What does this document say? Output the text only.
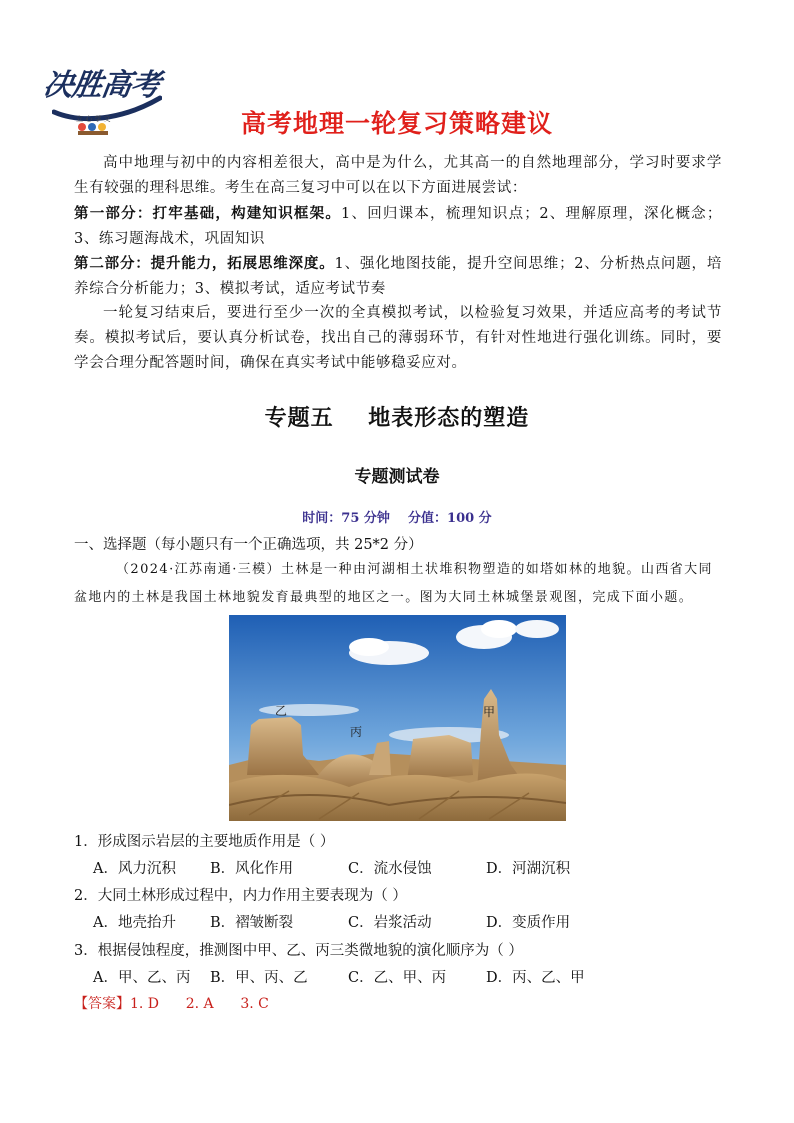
决胜高考
立 心 学 文	高考地理一轮复习策略建议
高中地理与初中的内容相差很大，高中是为什么，尤其高一的自然地理部分，学习时要求学生有较强的理科思维。考生在高三复习中可以在以下方面进展尝试：
第一部分：打牢基础，构建知识框架。1、回归课本，梳理知识点；2、理解原理，深化概念；3、练习题海战术，巩固知识
第二部分：提升能力，拓展思维深度。1、强化地图技能，提升空间思维；2、分析热点问题，培养综合分析能力；3、模拟考试，适应考试节奏
一轮复习结束后，要进行至少一次的全真模拟考试，以检验复习效果，并适应高考的考试节奏。模拟考试后，要认真分析试卷，找出自己的薄弱环节，有针对性地进行强化训练。同时，要学会合理分配答题时间，确保在真实考试中能够稳妥应对。
专题五    地表形态的塑造
专题测试卷
时间：75 分钟    分值：100 分
一、选择题（每小题只有一个正确选项，共 25*2 分）
（2024·江苏南通·三模）土林是一种由河湖相土状堆积物塑造的如塔如林的地貌。山西省大同盆地内的土林是我国土林地貌发育最典型的地区之一。图为大同土林城堡景观图，完成下面小题。
乙
丙
甲
1．形成图示岩层的主要地质作用是（ ）
A．风力沉积 B．风化作用	C．流水侵蚀	D．河湖沉积
2．大同土林形成过程中，内力作用主要表现为（ ）
A．地壳抬升 B．褶皱断裂	C．岩浆活动	D．变质作用
3．根据侵蚀程度，推测图中甲、乙、丙三类微地貌的演化顺序为（ ）
A．甲、乙、丙 B．甲、丙、乙	C．乙、甲、丙	D．丙、乙、甲
【答案】1. D      2. A      3. C
